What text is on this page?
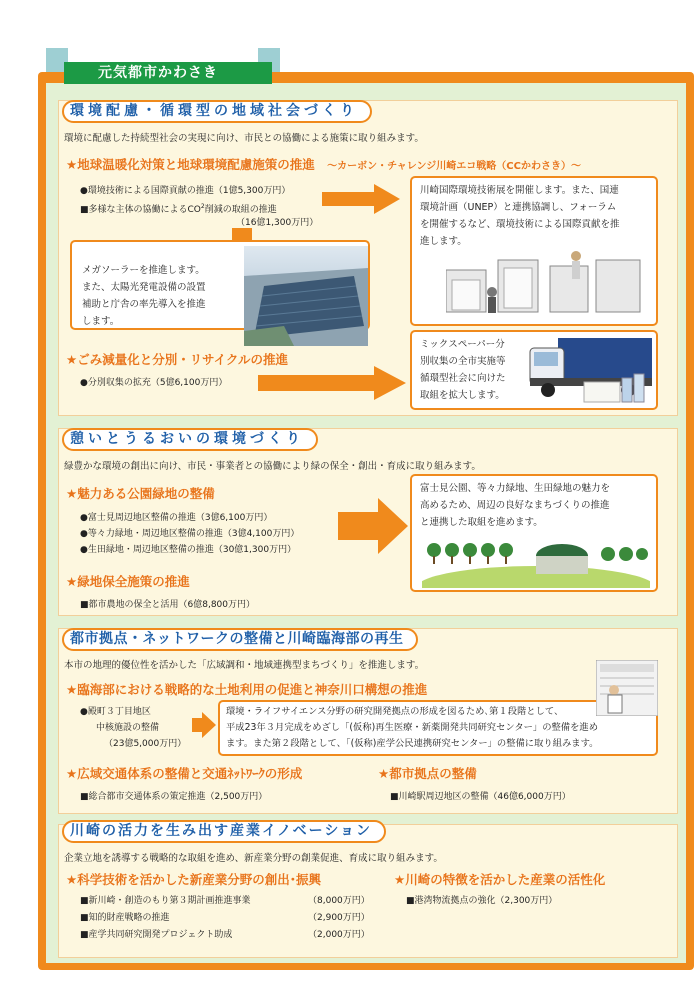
元気都市かわさき
環境配慮・循環型の地域社会づくり
環境に配慮した持続型社会の実現に向け、市民との協働による施策に取り組みます。
★地球温暖化対策と地球環境配慮施策の推進 ～カーボン・チャレンジ川崎エコ戦略（CCかわさき）～
●環境技術による国際貢献の推進（1億5,300万円）
■多様な主体の協働による$CO^2$削減の取組の推進
（16億1,300万円）
川崎国際環境技術展を開催します。また、国連
環境計画（UNEP）と連携協調し、フォーラム
を開催するなど、環境技術による国際貢献を推
進します。
メガソーラーを推進します。
また、太陽光発電設備の設置
補助と庁舎の率先導入を推進
します。
★ごみ減量化と分別・リサイクルの推進
●分別収集の拡充（5億6,100万円）
ミックスペーパー分
別収集の全市実施等
循環型社会に向けた
取組を拡大します。
憩いとうるおいの環境づくり
緑豊かな環境の創出に向け、市民・事業者との協働により緑の保全・創出・育成に取り組みます。
★魅力ある公園緑地の整備
●富士見周辺地区整備の推進（3億6,100万円）
●等々力緑地・周辺地区整備の推進（3億4,100万円）
●生田緑地・周辺地区整備の推進（30億1,300万円）
富士見公園、等々力緑地、生田緑地の魅力を
高めるため、周辺の良好なまちづくりの推進
と連携した取組を進めます。
★緑地保全施策の推進
■都市農地の保全と活用（6億8,800万円）
都市拠点・ネットワークの整備と川崎臨海部の再生
本市の地理的優位性を活かした「広域調和・地域連携型まちづくり」を推進します。
★臨海部における戦略的な土地利用の促進と神奈川口構想の推進
●殿町３丁目地区
中核施設の整備
（23億5,000万円）
環境・ライフサイエンス分野の研究開発拠点の形成を図るため､第１段階として、
平成23年３月完成をめざし「(仮称)再生医療・新薬開発共同研究センター」の整備を進め
ます。また第２段階として、「(仮称)産学公民連携研究センター」の整備に取り組みます。
★広域交通体系の整備と交通ﾈｯﾄﾜｰｸの形成	★都市拠点の整備
■総合都市交通体系の策定推進（2,500万円）	■川崎駅周辺地区の整備（46億6,000万円）
川崎の活力を生み出す産業イノベーション
企業立地を誘導する戦略的な取組を進め、新産業分野の創業促進、育成に取り組みます。
★科学技術を活かした新産業分野の創出･振興	★川崎の特徴を活かした産業の活性化
■新川崎・創造のもり第３期計画推進事業	（8,000万円）
■知的財産戦略の推進	（2,900万円）
■産学共同研究開発プロジェクト助成	（2,000万円）
■港湾物流拠点の強化（2,300万円）
